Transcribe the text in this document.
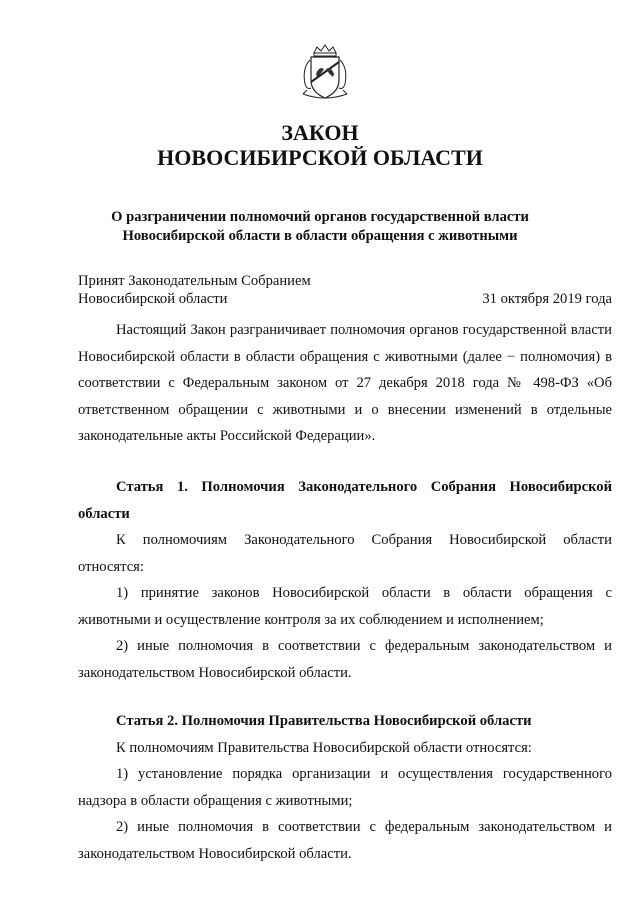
ЗАКОН
НОВОСИБИРСКОЙ ОБЛАСТИ
О разграничении полномочий органов государственной власти
Новосибирской области в области обращения с животными
Принят Законодательным Собранием
Новосибирской области	31 октября 2019 года

Настоящий Закон разграничивает полномочия органов государственной власти Новосибирской области в области обращения с животными (далее − полномочия) в соответствии с Федеральным законом от 27 декабря 2018 года № 498-ФЗ «Об ответственном обращении с животными и о внесении изменений в отдельные законодательные акты Российской Федерации».

Статья 1. Полномочия Законодательного Собрания Новосибирской области

К полномочиям Законодательного Собрания Новосибирской области относятся:

1) принятие законов Новосибирской области в области обращения с животными и осуществление контроля за их соблюдением и исполнением;

2) иные полномочия в соответствии с федеральным законодательством и законодательством Новосибирской области.

Статья 2. Полномочия Правительства Новосибирской области

К полномочиям Правительства Новосибирской области относятся:

1) установление порядка организации и осуществления государственного надзора в области обращения с животными;

2) иные полномочия в соответствии с федеральным законодательством и законодательством Новосибирской области.
